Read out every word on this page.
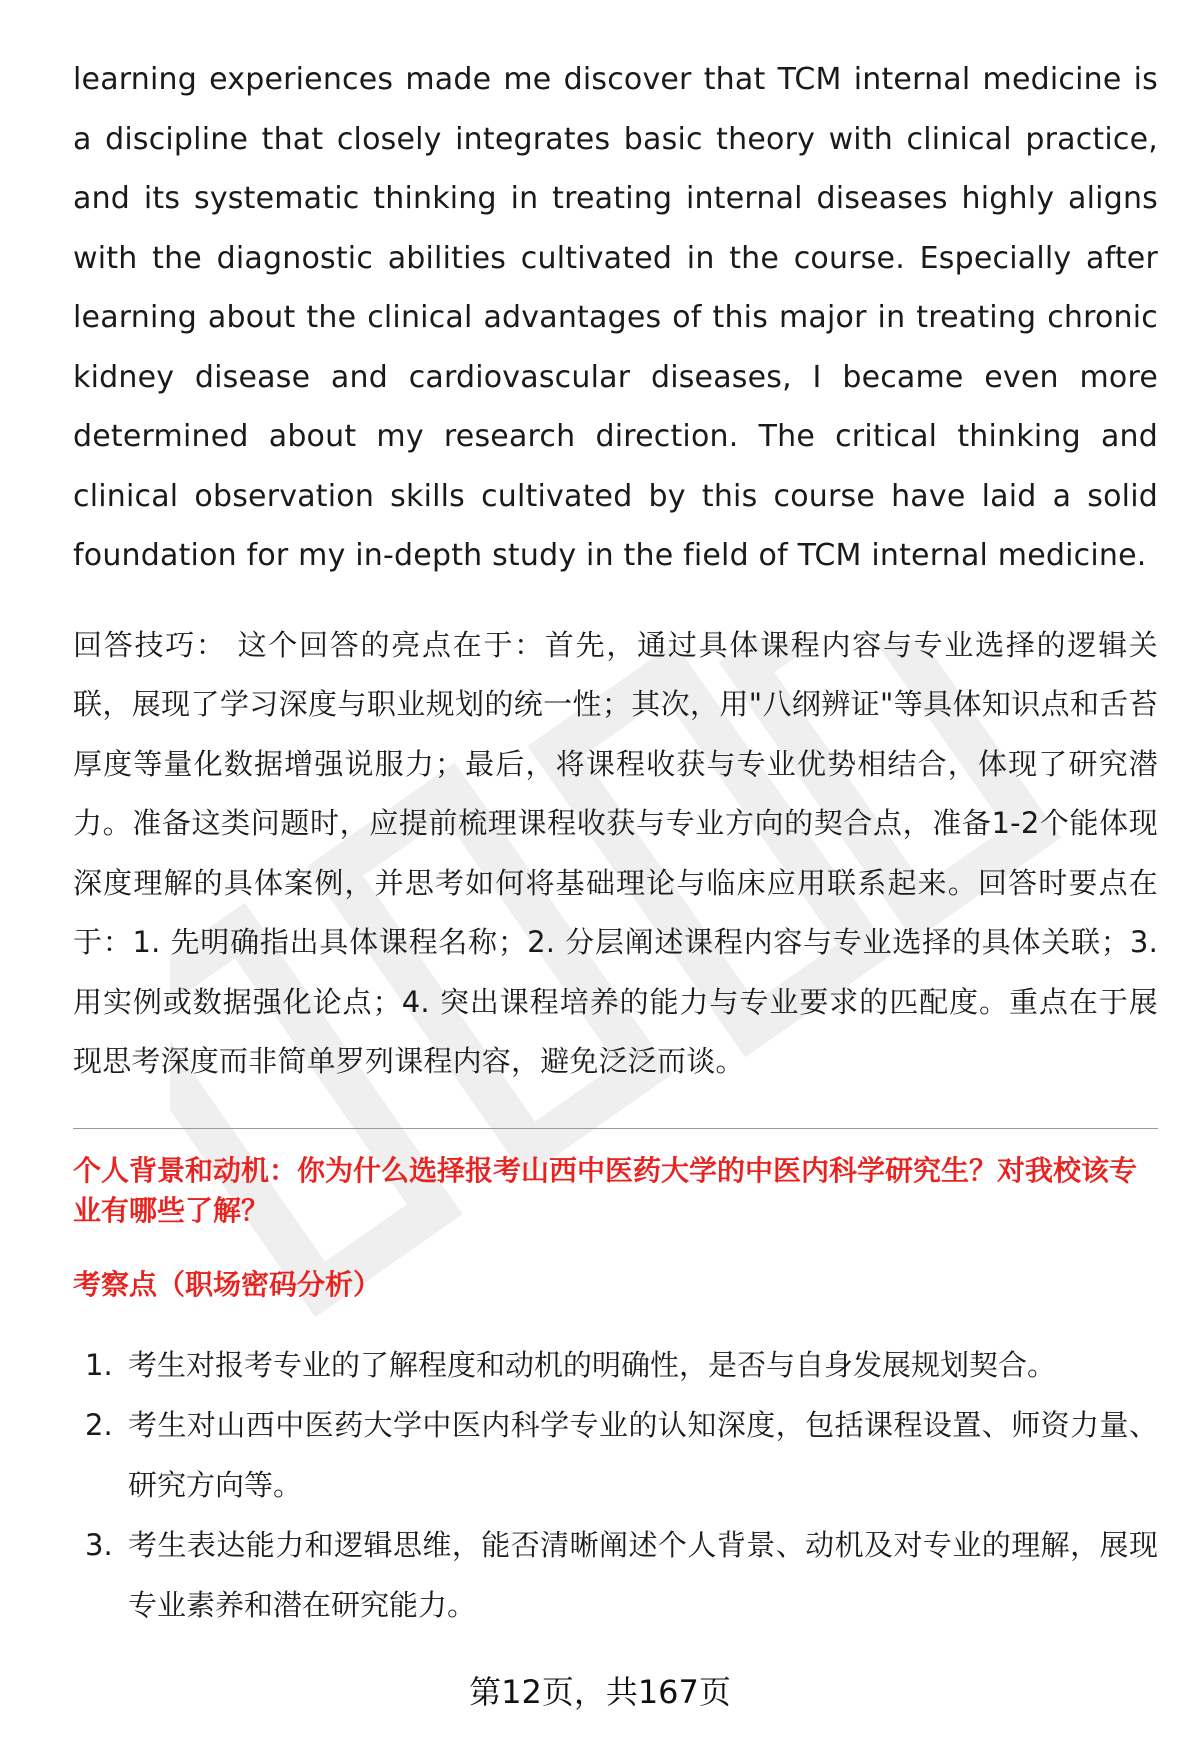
learning experiences made me discover that TCM internal medicine is a discipline that closely integrates basic theory with clinical practice, and its systematic thinking in treating internal diseases highly aligns with the diagnostic abilities cultivated in the course. Especially after learning about the clinical advantages of this major in treating chronic kidney disease and cardiovascular diseases, I became even more determined about my research direction. The critical thinking and clinical observation skills cultivated by this course have laid a solid foundation for my in-depth study in the field of TCM internal medicine.

回答技巧： 这个回答的亮点在于：首先，通过具体课程内容与专业选择的逻辑关联，展现了学习深度与职业规划的统一性；其次，用"八纲辨证"等具体知识点和舌苔厚度等量化数据增强说服力；最后，将课程收获与专业优势相结合，体现了研究潜力。准备这类问题时，应提前梳理课程收获与专业方向的契合点，准备1-2个能体现深度理解的具体案例，并思考如何将基础理论与临床应用联系起来。回答时要点在于：1. 先明确指出具体课程名称；2. 分层阐述课程内容与专业选择的具体关联；3. 用实例或数据强化论点；4. 突出课程培养的能力与专业要求的匹配度。重点在于展现思考深度而非简单罗列课程内容，避免泛泛而谈。

个人背景和动机：你为什么选择报考山西中医药大学的中医内科学研究生？对我校该专业有哪些了解？
考察点（职场密码分析）
1. 考生对报考专业的了解程度和动机的明确性，是否与自身发展规划契合。
2. 考生对山西中医药大学中医内科学专业的认知深度，包括课程设置、师资力量、研究方向等。
3. 考生表达能力和逻辑思维，能否清晰阐述个人背景、动机及对专业的理解，展现专业素养和潜在研究能力。
第12页，共167页
